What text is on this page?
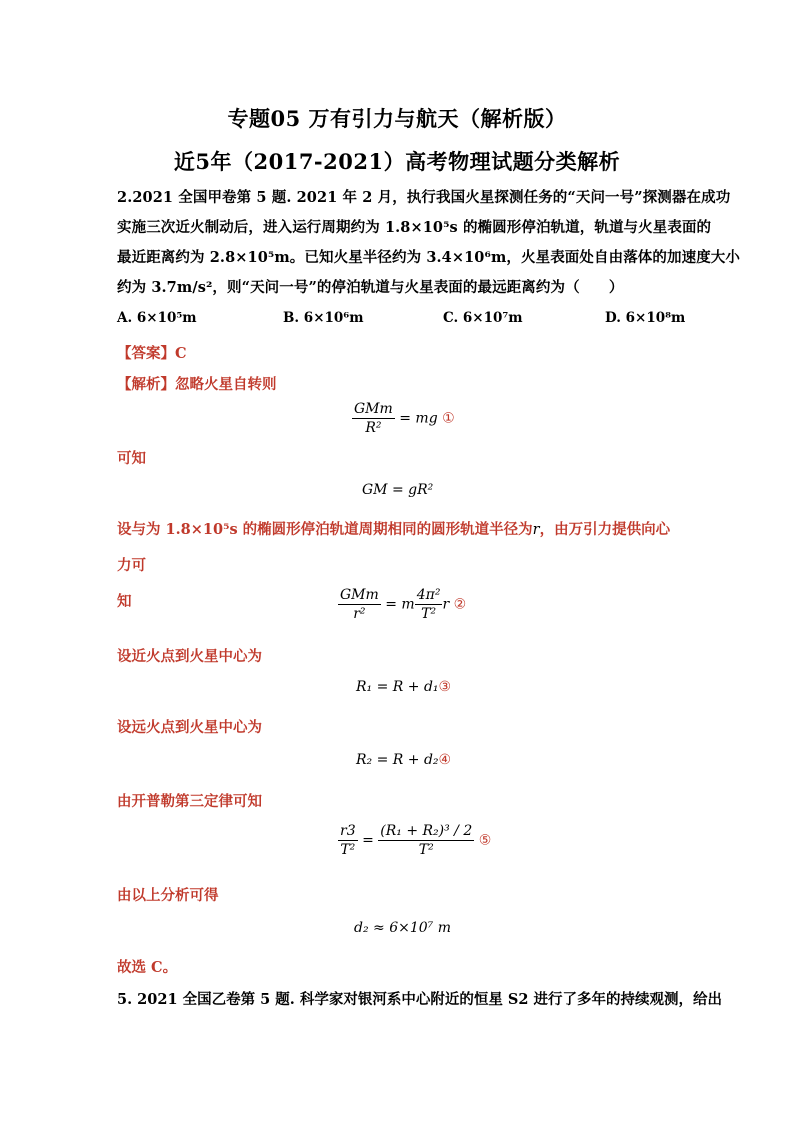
专题05 万有引力与航天（解析版）
近5年（2017-2021）高考物理试题分类解析
2.2021 全国甲卷第 5 题. 2021 年 2 月，执行我国火星探测任务的“天问一号”探测器在成功
实施三次近火制动后，进入运行周期约为 1.8×10⁵s 的椭圆形停泊轨道，轨道与火星表面的
最近距离约为 2.8×10⁵m。已知火星半径约为 3.4×10⁶m，火星表面处自由落体的加速度大小
约为 3.7m/s²，则“天问一号”的停泊轨道与火星表面的最远距离约为（　　）
A. 6×10⁵m	B. 6×10⁶m	C. 6×10⁷m	D. 6×10⁸m
【答案】C
【解析】忽略火星自转则
$\frac{\text{GMm}}{\text{R²}}$ = mg ①
可知
GM = gR²
设与为 1.8×10⁵s 的椭圆形停泊轨道周期相同的圆形轨道半径为r，由万引力提供向心力可
知	$\frac{\text{GMm}}{\text{r²}} = m \frac{\text{4π²}}{\text{T²}}$ r ②
设近火点到火星中心为
R₁ = R + d₁③
设远火点到火星中心为
R₂ = R + d₂④
由开普勒第三定律可知
$\frac{r3}{\text{T²}} = \frac{\text{(R₁ + R₂)³ / 2}}{\text{T²}}$ ⑤
由以上分析可得
d₂ ≈ 6×10⁷ m
故选 C。
5. 2021 全国乙卷第 5 题. 科学家对银河系中心附近的恒星 S2 进行了多年的持续观测，给出
